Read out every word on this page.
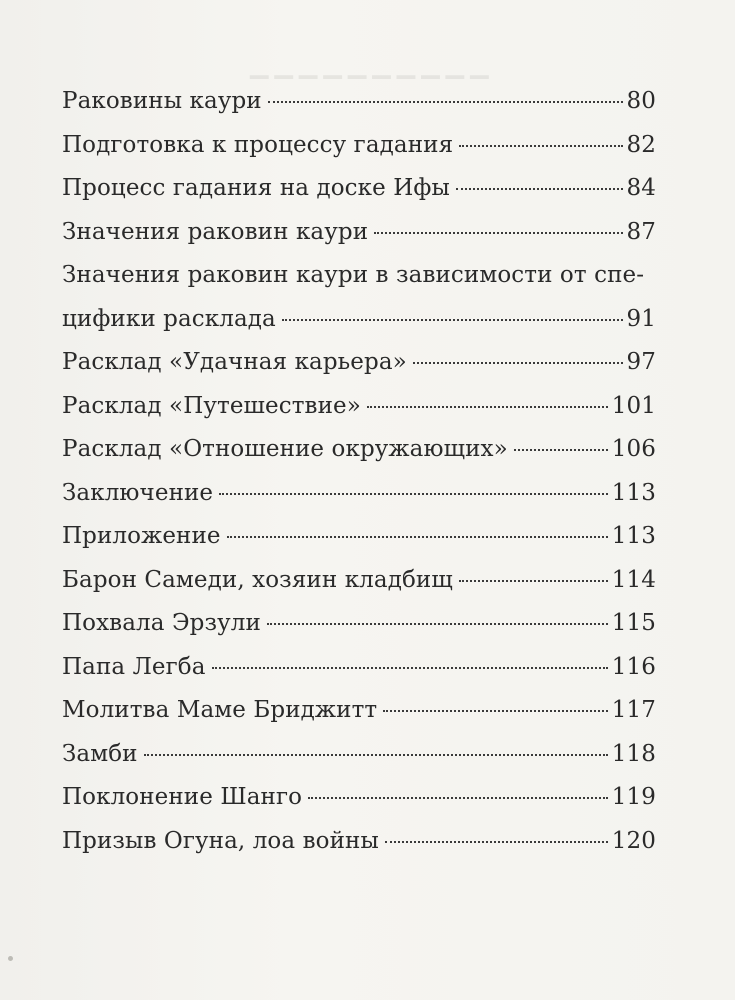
▔▔▔▔▔▔▔▔▔▔
Раковины каури	80
Подготовка к процессу гадания	82
Процесс гадания на доске Ифы	84
Значения раковин каури	87
Значения раковин каури в зависимости от спе-
цифики расклада	91
Расклад «Удачная карьера»	97
Расклад «Путешествие»	101
Расклад «Отношение окружающих»	106
Заключение	113
Приложение	113
Барон Самеди, хозяин кладбищ	114
Похвала Эрзули	115
Папа Легба	116
Молитва Маме Бриджитт	117
Замби	118
Поклонение Шанго	119
Призыв Огуна, лоа войны	120
